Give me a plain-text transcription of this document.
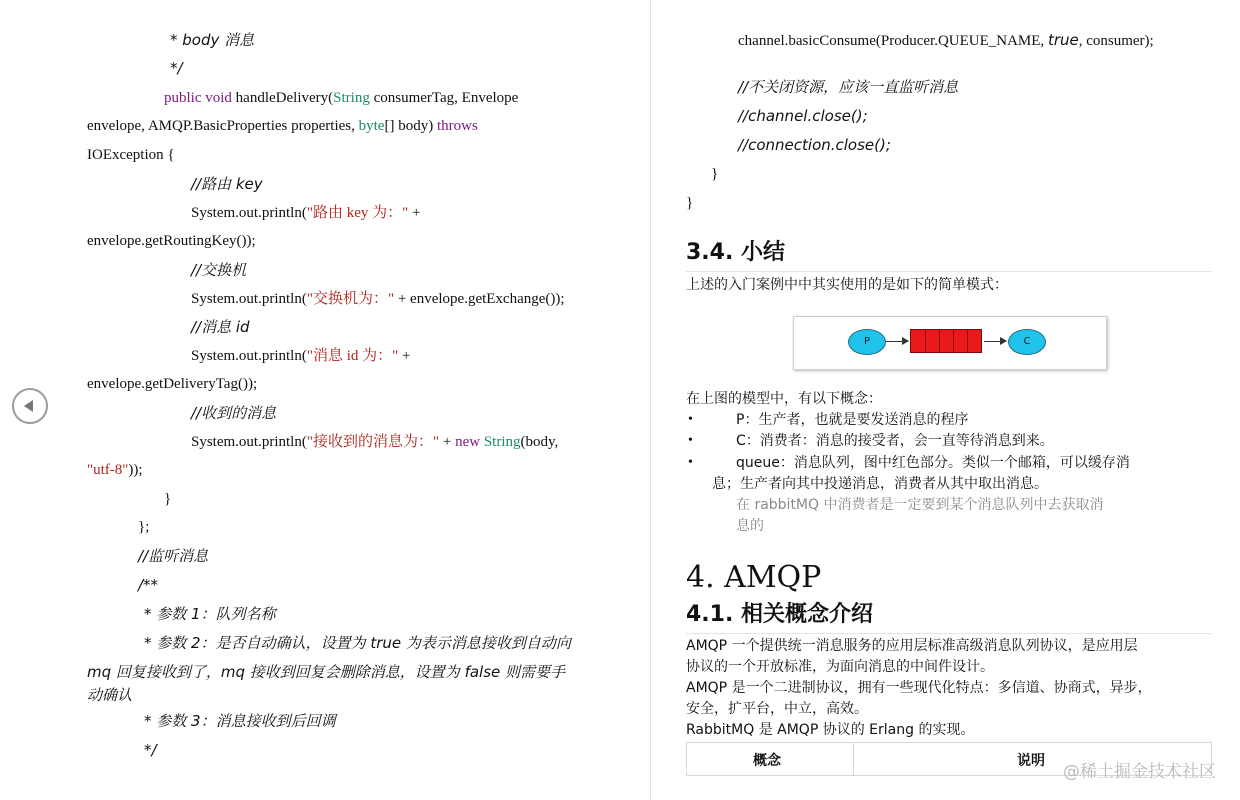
* body 消息
*/
public void handleDelivery(String consumerTag, Envelope
envelope, AMQP.BasicProperties properties, byte[] body) throws
IOException {
//路由 key
System.out.println("路由 key 为：" +
envelope.getRoutingKey());
//交换机
System.out.println("交换机为：" + envelope.getExchange());
//消息 id
System.out.println("消息 id 为：" +
envelope.getDeliveryTag());
//收到的消息
System.out.println("接收到的消息为：" + new String(body,
"utf-8"));
}
};
//监听消息
/**
* 参数 1：队列名称
* 参数 2：是否自动确认，设置为 true 为表示消息接收到自动向
mq 回复接收到了，mq 接收到回复会删除消息，设置为 false 则需要手
动确认
* 参数 3：消息接收到后回调
*/
channel.basicConsume(Producer.QUEUE_NAME, true, consumer);
//不关闭资源，应该一直监听消息
//channel.close();
//connection.close();
}
}
3.4. 小结
上述的入门案例中中其实使用的是如下的简单模式：
P	C
在上图的模型中，有以下概念：
•	P：生产者，也就是要发送消息的程序
•	C：消费者：消息的接受者，会一直等待消息到来。
•	queue：消息队列，图中红色部分。类似一个邮箱，可以缓存消
息；生产者向其中投递消息，消费者从其中取出消息。
在 rabbitMQ 中消费者是一定要到某个消息队列中去获取消
息的
4. AMQP
4.1. 相关概念介绍
AMQP 一个提供统一消息服务的应用层标准高级消息队列协议，是应用层
协议的一个开放标准，为面向消息的中间件设计。
AMQP 是一个二进制协议，拥有一些现代化特点：多信道、协商式，异步，
安全，扩平台，中立，高效。
RabbitMQ 是 AMQP 协议的 Erlang 的实现。
概念	说明
@稀土掘金技术社区
